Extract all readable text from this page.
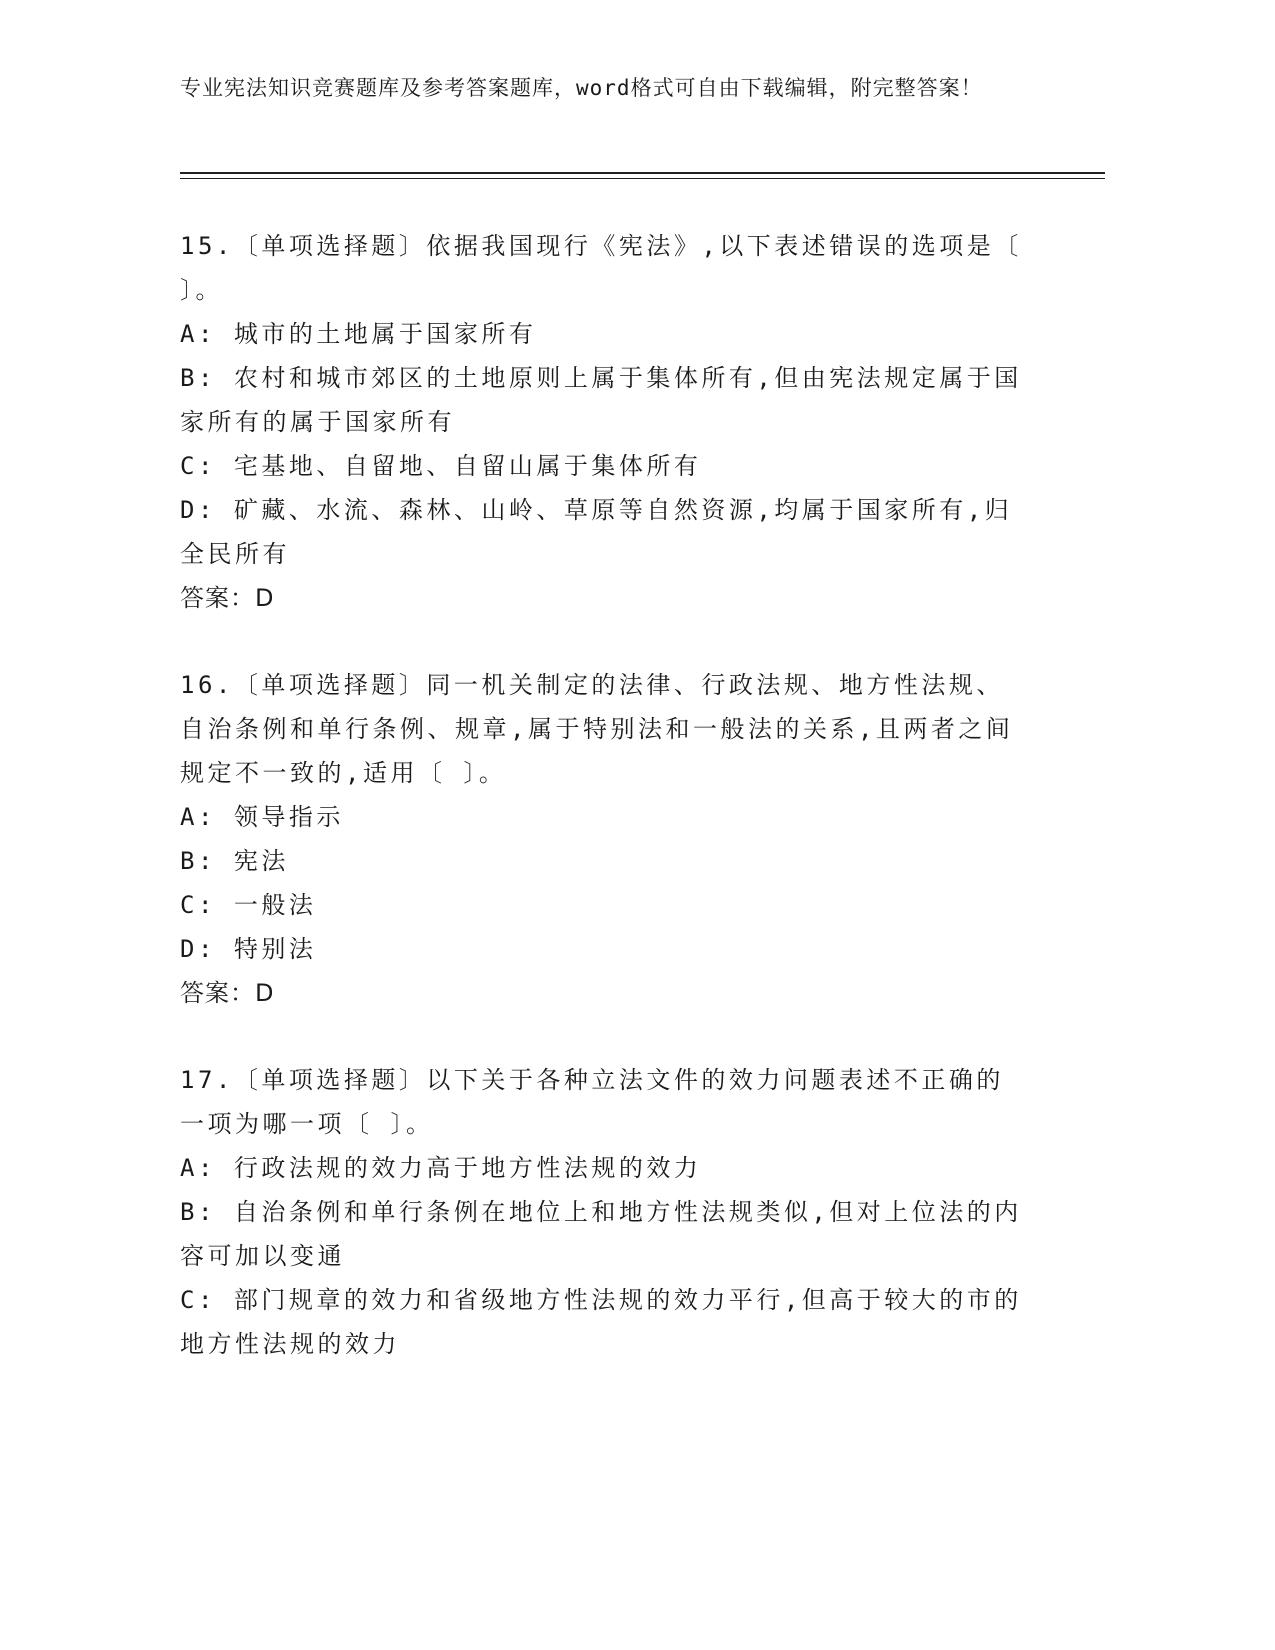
专业宪法知识竞赛题库及参考答案题库，word格式可自由下载编辑，附完整答案！
15.〔单项选择题〕依据我国现行《宪法》,以下表述错误的选项是〔 〕。
A: 城市的土地属于国家所有
B: 农村和城市郊区的土地原则上属于集体所有,但由宪法规定属于国家所有的属于国家所有
C: 宅基地、自留地、自留山属于集体所有
D: 矿藏、水流、森林、山岭、草原等自然资源,均属于国家所有,归全民所有
答案：D
16.〔单项选择题〕同一机关制定的法律、行政法规、地方性法规、自治条例和单行条例、规章,属于特别法和一般法的关系,且两者之间规定不一致的,适用〔 〕。
A: 领导指示
B: 宪法
C: 一般法
D: 特别法
答案：D
17.〔单项选择题〕以下关于各种立法文件的效力问题表述不正确的一项为哪一项〔 〕。
A: 行政法规的效力高于地方性法规的效力
B: 自治条例和单行条例在地位上和地方性法规类似,但对上位法的内容可加以变通
C: 部门规章的效力和省级地方性法规的效力平行,但高于较大的市的地方性法规的效力
